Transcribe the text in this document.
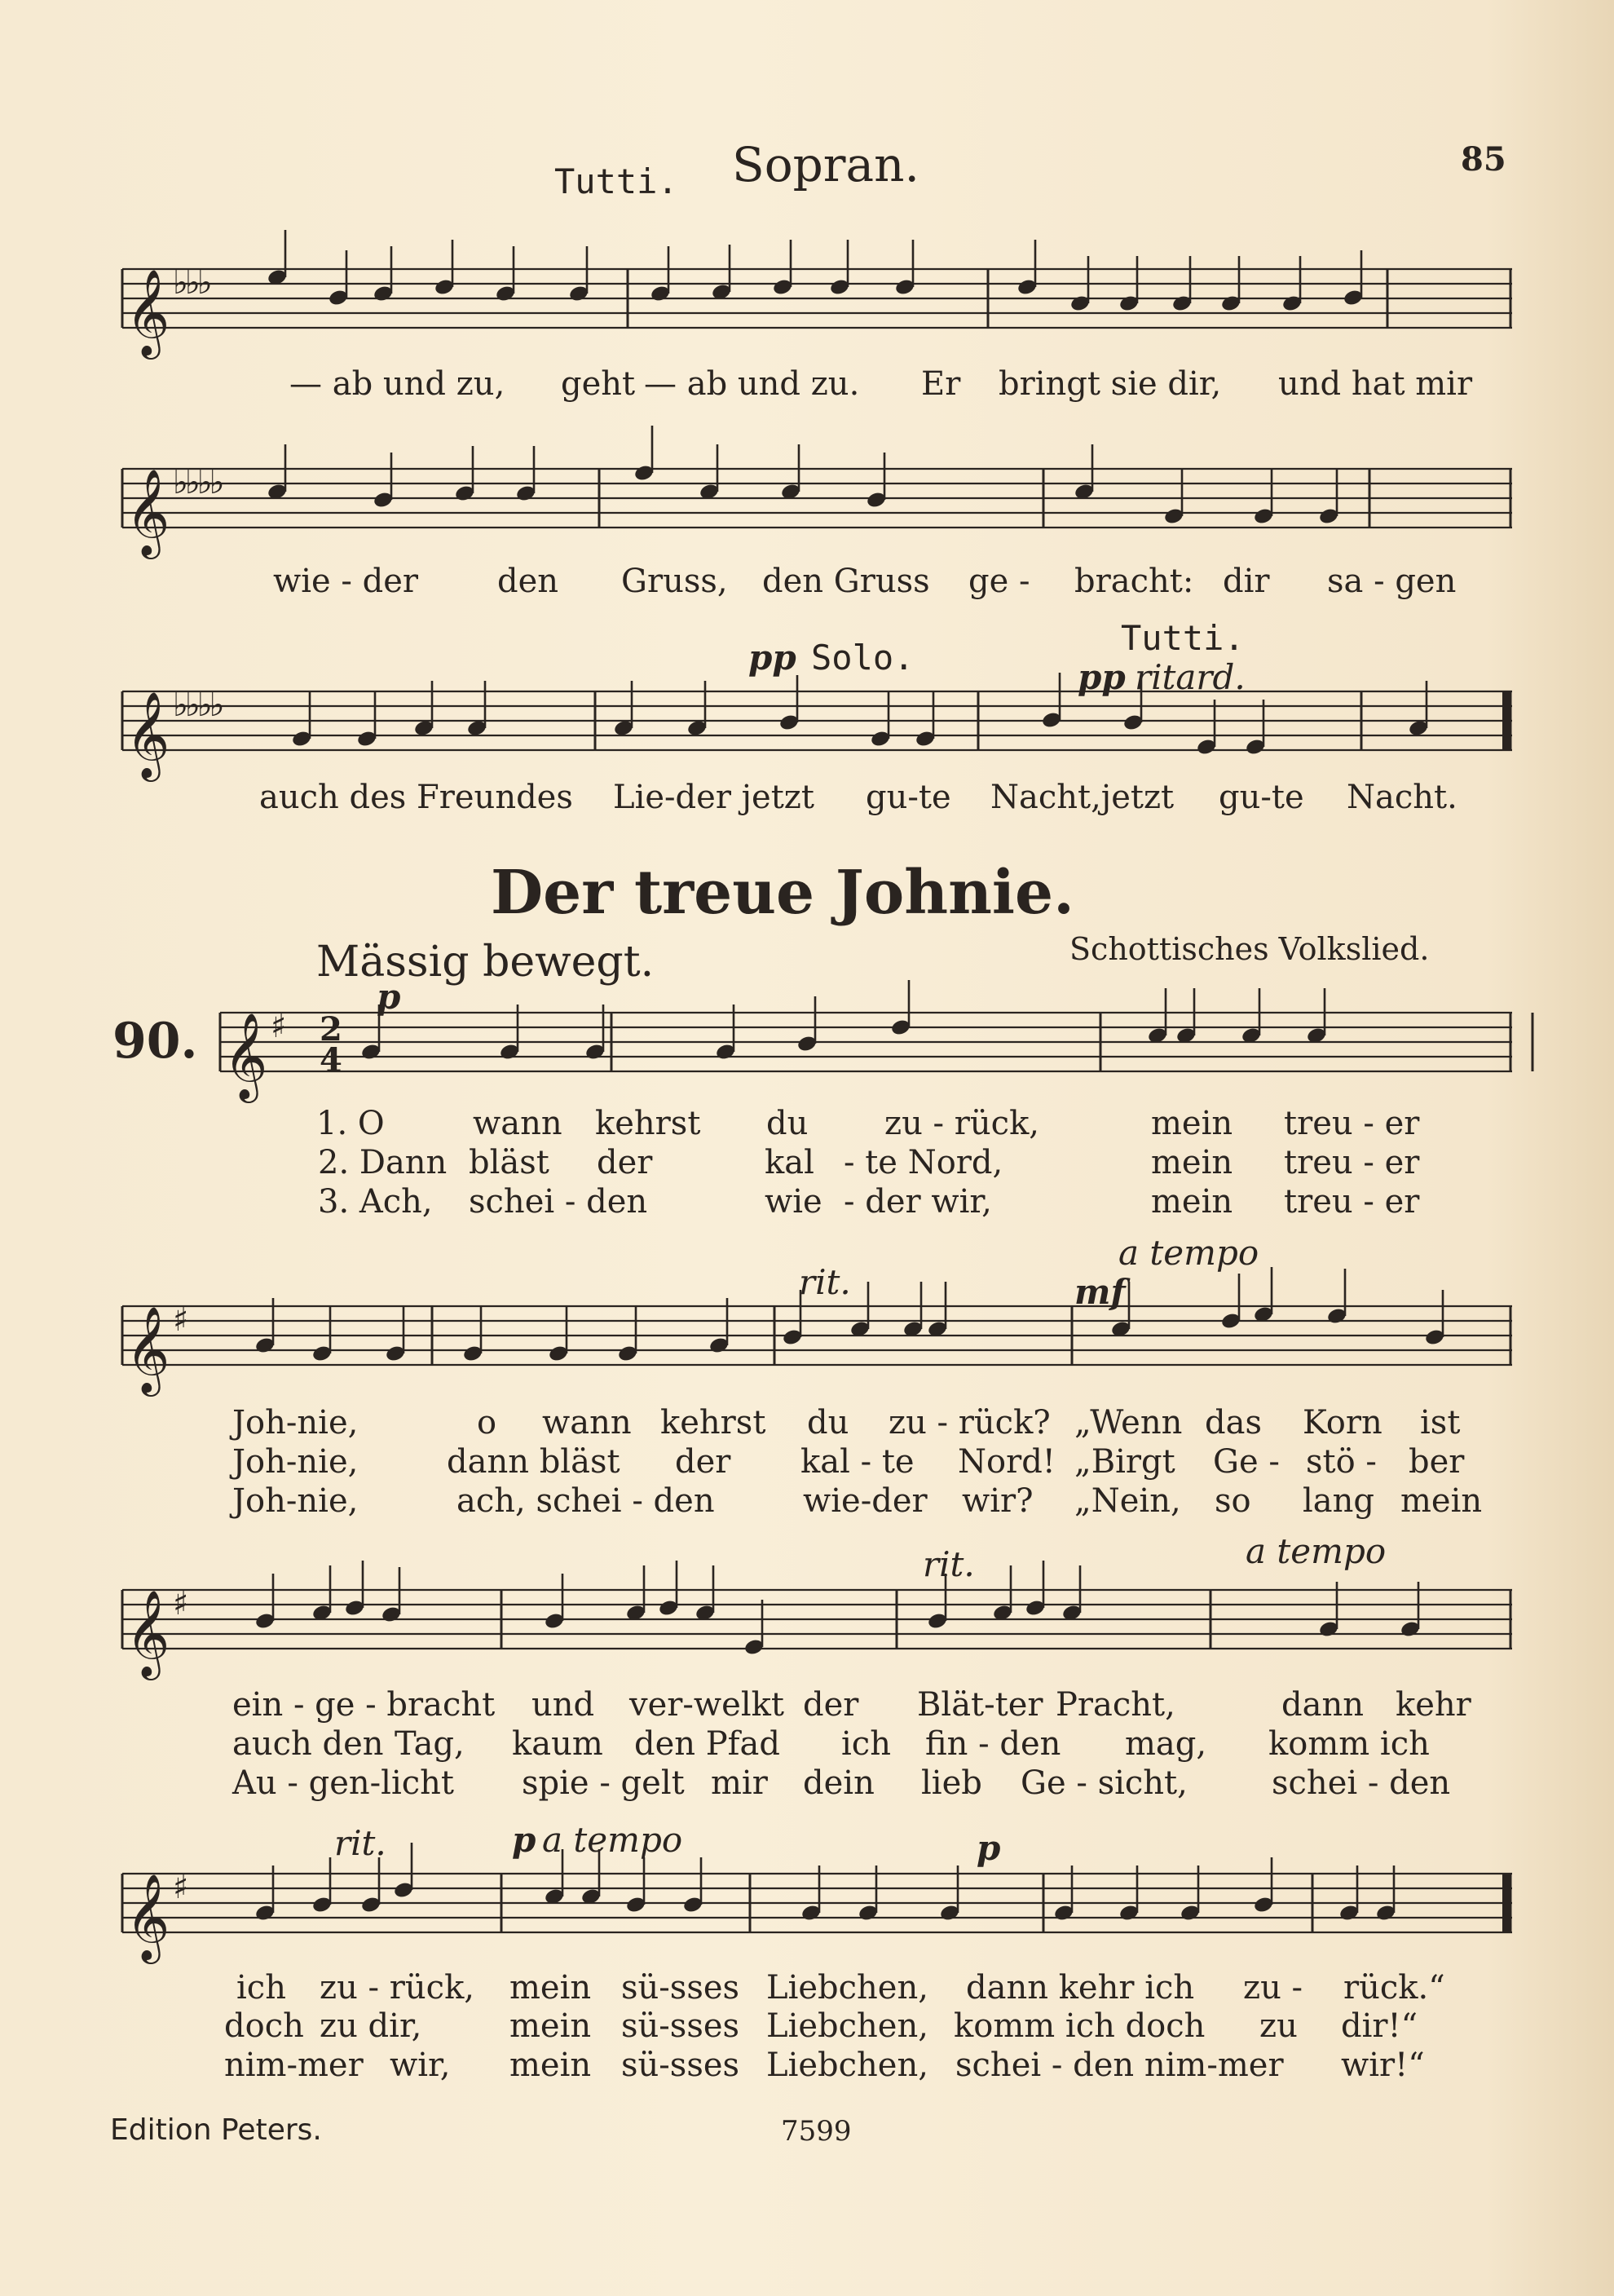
Tutti. Sopran.	85
𝄞 ♭♭♭
𝄞 ♭♭♭♭
𝄞 ♭♭♭♭
𝄞 ♯ 2
4
𝄞 ♯
𝄞 ♯
𝄞 ♯
— ab und zu, geht — ab und zu. Er bringt sie dir, und hat mir
wie - der den Gruss, den Gruss ge - bracht: dir sa - gen
pp Solo.	Tutti.
pp ritard.
auch des Freundes Lie-der jetzt gu-te Nacht,jetzt gu-te Nacht.
Der treue Johnie.
Mässig bewegt.	Schottisches Volkslied.
90.
p
1. O	wann kehrst du zu - rück,	mein treu - er
2. Dann bläst der	kal - te Nord,	mein treu - er
3. Ach, schei - den	wie - der wir,	mein treu - er
rit.
a tempo
mf
Joh-nie,	o wann kehrst du zu - rück? „Wenn das Korn ist
Joh-nie,	dann bläst der kal - te Nord! „Birgt Ge - stö - ber
Joh-nie,	ach, schei - den	wie-der wir? „Nein, so lang mein
rit.	a tempo
ein - ge - bracht und ver-welkt der Blät-ter Pracht,	dann kehr
auch den Tag, kaum den Pfad ich fin - den mag, komm ich
Au - gen-licht spie - gelt mir dein lieb Ge - sicht,	schei - den
rit.	p a tempo	p
ich zu - rück, mein sü-sses Liebchen, dann kehr ich zu - rück.“
doch zu dir,	mein sü-sses Liebchen, komm ich doch zu dir!“
nim-mer wir, mein sü-sses Liebchen, schei - den nim-mer wir!“
Edition Peters.	7599
